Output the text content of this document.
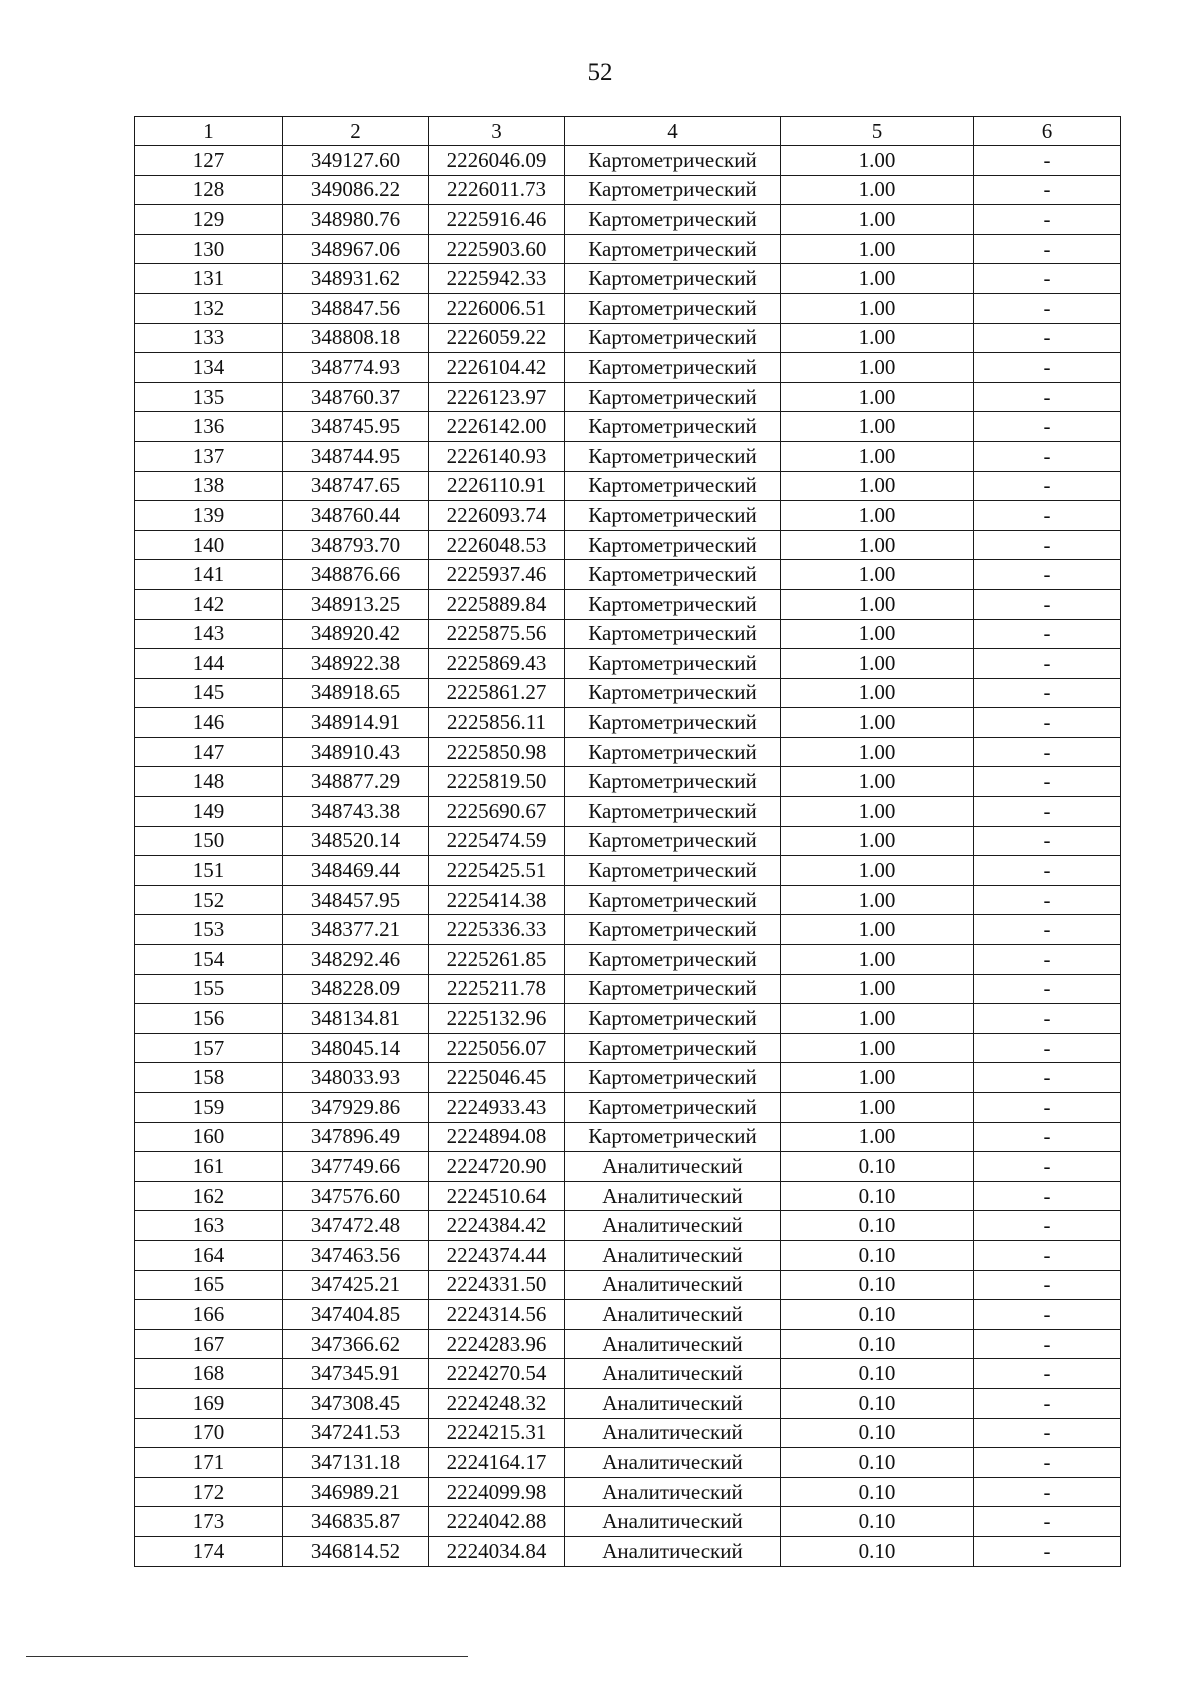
52
1	2	3	4	5	6
127	349127.60	2226046.09	Картометрический	1.00	-
128	349086.22	2226011.73	Картометрический	1.00	-
129	348980.76	2225916.46	Картометрический	1.00	-
130	348967.06	2225903.60	Картометрический	1.00	-
131	348931.62	2225942.33	Картометрический	1.00	-
132	348847.56	2226006.51	Картометрический	1.00	-
133	348808.18	2226059.22	Картометрический	1.00	-
134	348774.93	2226104.42	Картометрический	1.00	-
135	348760.37	2226123.97	Картометрический	1.00	-
136	348745.95	2226142.00	Картометрический	1.00	-
137	348744.95	2226140.93	Картометрический	1.00	-
138	348747.65	2226110.91	Картометрический	1.00	-
139	348760.44	2226093.74	Картометрический	1.00	-
140	348793.70	2226048.53	Картометрический	1.00	-
141	348876.66	2225937.46	Картометрический	1.00	-
142	348913.25	2225889.84	Картометрический	1.00	-
143	348920.42	2225875.56	Картометрический	1.00	-
144	348922.38	2225869.43	Картометрический	1.00	-
145	348918.65	2225861.27	Картометрический	1.00	-
146	348914.91	2225856.11	Картометрический	1.00	-
147	348910.43	2225850.98	Картометрический	1.00	-
148	348877.29	2225819.50	Картометрический	1.00	-
149	348743.38	2225690.67	Картометрический	1.00	-
150	348520.14	2225474.59	Картометрический	1.00	-
151	348469.44	2225425.51	Картометрический	1.00	-
152	348457.95	2225414.38	Картометрический	1.00	-
153	348377.21	2225336.33	Картометрический	1.00	-
154	348292.46	2225261.85	Картометрический	1.00	-
155	348228.09	2225211.78	Картометрический	1.00	-
156	348134.81	2225132.96	Картометрический	1.00	-
157	348045.14	2225056.07	Картометрический	1.00	-
158	348033.93	2225046.45	Картометрический	1.00	-
159	347929.86	2224933.43	Картометрический	1.00	-
160	347896.49	2224894.08	Картометрический	1.00	-
161	347749.66	2224720.90	Аналитический	0.10	-
162	347576.60	2224510.64	Аналитический	0.10	-
163	347472.48	2224384.42	Аналитический	0.10	-
164	347463.56	2224374.44	Аналитический	0.10	-
165	347425.21	2224331.50	Аналитический	0.10	-
166	347404.85	2224314.56	Аналитический	0.10	-
167	347366.62	2224283.96	Аналитический	0.10	-
168	347345.91	2224270.54	Аналитический	0.10	-
169	347308.45	2224248.32	Аналитический	0.10	-
170	347241.53	2224215.31	Аналитический	0.10	-
171	347131.18	2224164.17	Аналитический	0.10	-
172	346989.21	2224099.98	Аналитический	0.10	-
173	346835.87	2224042.88	Аналитический	0.10	-
174	346814.52	2224034.84	Аналитический	0.10	-
